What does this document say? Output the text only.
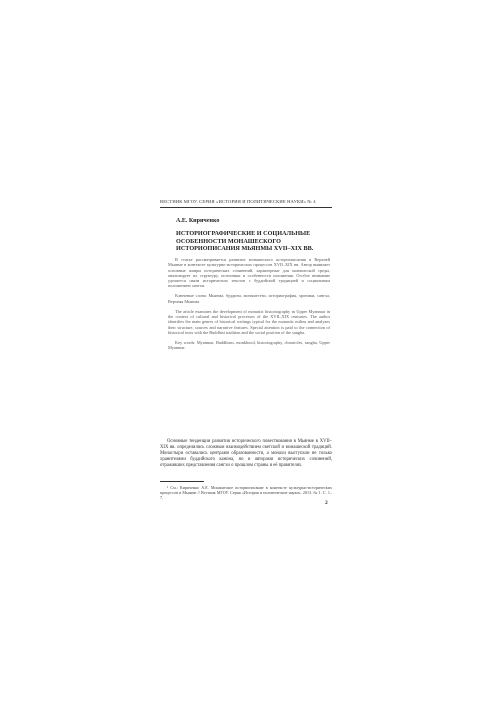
ВЕСТНИК МГОУ. СЕРИЯ «ИСТОРИЯ И ПОЛИТИЧЕСКИЕ НАУКИ» № 4
А.Е. Кириченко
ИСТОРИОГРАФИЧЕСКИЕ И СОЦИАЛЬНЫЕ ОСОБЕННОСТИ МОНАШЕСКОГО ИСТОРИОПИСАНИЯ МЬЯНМЫ XVII–XIX ВВ.

В статье рассматривается развитие монашеского историописания в Верхней Мьянме в контексте культурно-исторических процессов XVII–XIX вв. Автор выявляет основные жанры исторических сочинений, характерные для монашеской среды, анализирует их структуру, источники и особенности изложения. Особое внимание уделяется связи исторических текстов с буддийской традицией и социальным положением сангхи.

Ключевые слова: Мьянма, буддизм, монашество, историография, хроники, сангха, Верхняя Мьянма.

The article examines the development of monastic historiography in Upper Myanmar in the context of cultural and historical processes of the XVII–XIX centuries. The author identifies the main genres of historical writings typical for the monastic milieu and analyzes their structure, sources and narrative features. Special attention is paid to the connection of historical texts with the Buddhist tradition and the social position of the sangha.

Key words: Myanmar, Buddhism, monkhood, historiography, chronicles, sangha, Upper Myanmar.

Основные тенденции развития исторического повествования в Мьянме в XVII–XIX вв. определялись сложным взаимодействием светской и монашеской традиций. Монастыри оставались центрами образованности, а монахи выступали не только хранителями буддийского канона, но и авторами исторических сочинений, отражавших представления сангхи о прошлом страны и её правителях.

¹ См.: Кириченко А.Е. Монашеское историописание в контексте культурно-исторических процессов в Мьянме // Вестник МГОУ. Серия «История и политические науки». 2013. № 1. С. 1–7.

2
